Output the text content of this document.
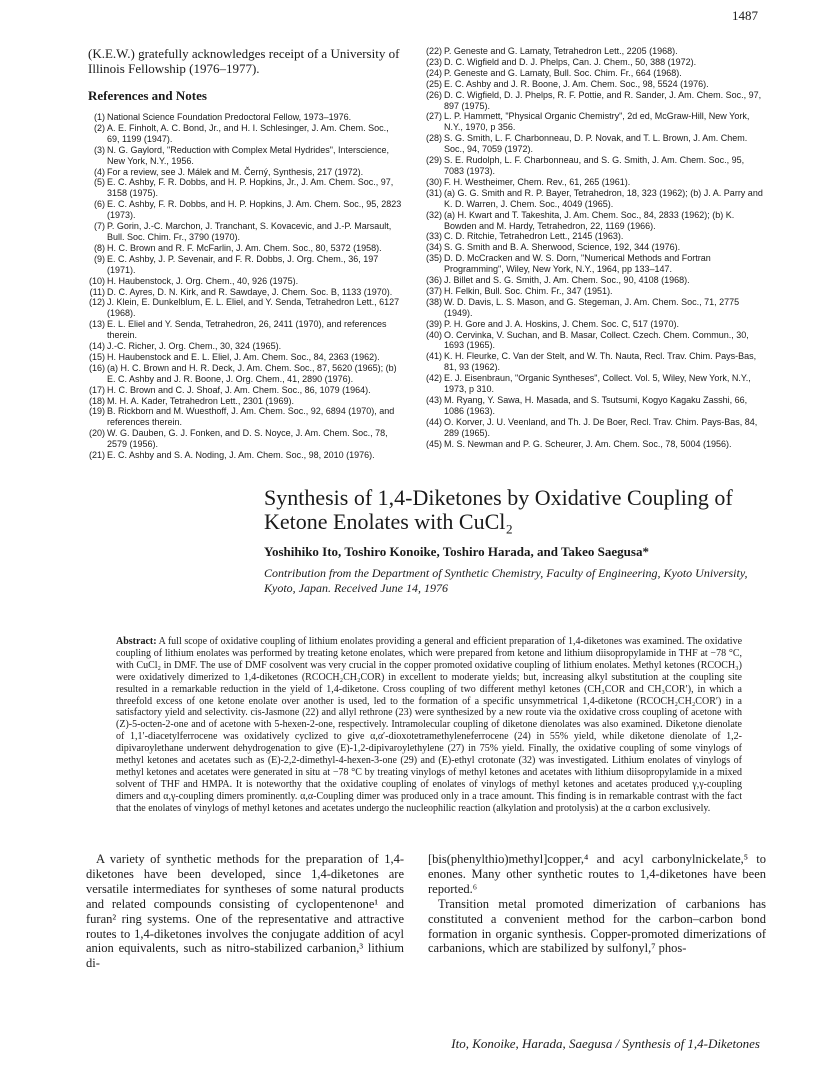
1487

(K.E.W.) gratefully acknowledges receipt of a University of Illinois Fellowship (1976–1977).

References and Notes
(1) National Science Foundation Predoctoral Fellow, 1973–1976.
(2) A. E. Finholt, A. C. Bond, Jr., and H. I. Schlesinger, J. Am. Chem. Soc., 69, 1199 (1947).
(3) N. G. Gaylord, "Reduction with Complex Metal Hydrides", Interscience, New York, N.Y., 1956.
(4) For a review, see J. Málek and M. Černý, Synthesis, 217 (1972).
(5) E. C. Ashby, F. R. Dobbs, and H. P. Hopkins, Jr., J. Am. Chem. Soc., 97, 3158 (1975).
(6) E. C. Ashby, F. R. Dobbs, and H. P. Hopkins, J. Am. Chem. Soc., 95, 2823 (1973).
(7) P. Gorin, J.-C. Marchon, J. Tranchant, S. Kovacevic, and J.-P. Marsault, Bull. Soc. Chim. Fr., 3790 (1970).
(8) H. C. Brown and R. F. McFarlin, J. Am. Chem. Soc., 80, 5372 (1958).
(9) E. C. Ashby, J. P. Sevenair, and F. R. Dobbs, J. Org. Chem., 36, 197 (1971).
(10) H. Haubenstock, J. Org. Chem., 40, 926 (1975).
(11) D. C. Ayres, D. N. Kirk, and R. Sawdaye, J. Chem. Soc. B, 1133 (1970).
(12) J. Klein, E. Dunkelblum, E. L. Eliel, and Y. Senda, Tetrahedron Lett., 6127 (1968).
(13) E. L. Eliel and Y. Senda, Tetrahedron, 26, 2411 (1970), and references therein.
(14) J.-C. Richer, J. Org. Chem., 30, 324 (1965).
(15) H. Haubenstock and E. L. Eliel, J. Am. Chem. Soc., 84, 2363 (1962).
(16) (a) H. C. Brown and H. R. Deck, J. Am. Chem. Soc., 87, 5620 (1965); (b) E. C. Ashby and J. R. Boone, J. Org. Chem., 41, 2890 (1976).
(17) H. C. Brown and C. J. Shoaf, J. Am. Chem. Soc., 86, 1079 (1964).
(18) M. H. A. Kader, Tetrahedron Lett., 2301 (1969).
(19) B. Rickborn and M. Wuesthoff, J. Am. Chem. Soc., 92, 6894 (1970), and references therein.
(20) W. G. Dauben, G. J. Fonken, and D. S. Noyce, J. Am. Chem. Soc., 78, 2579 (1956).
(21) E. C. Ashby and S. A. Noding, J. Am. Chem. Soc., 98, 2010 (1976).
(22) P. Geneste and G. Lamaty, Tetrahedron Lett., 2205 (1968).
(23) D. C. Wigfield and D. J. Phelps, Can. J. Chem., 50, 388 (1972).
(24) P. Geneste and G. Lamaty, Bull. Soc. Chim. Fr., 664 (1968).
(25) E. C. Ashby and J. R. Boone, J. Am. Chem. Soc., 98, 5524 (1976).
(26) D. C. Wigfield, D. J. Phelps, R. F. Pottie, and R. Sander, J. Am. Chem. Soc., 97, 897 (1975).
(27) L. P. Hammett, "Physical Organic Chemistry", 2d ed, McGraw-Hill, New York, N.Y., 1970, p 356.
(28) S. G. Smith, L. F. Charbonneau, D. P. Novak, and T. L. Brown, J. Am. Chem. Soc., 94, 7059 (1972).
(29) S. E. Rudolph, L. F. Charbonneau, and S. G. Smith, J. Am. Chem. Soc., 95, 7083 (1973).
(30) F. H. Westheimer, Chem. Rev., 61, 265 (1961).
(31) (a) G. G. Smith and R. P. Bayer, Tetrahedron, 18, 323 (1962); (b) J. A. Parry and K. D. Warren, J. Chem. Soc., 4049 (1965).
(32) (a) H. Kwart and T. Takeshita, J. Am. Chem. Soc., 84, 2833 (1962); (b) K. Bowden and M. Hardy, Tetrahedron, 22, 1169 (1966).
(33) C. D. Ritchie, Tetrahedron Lett., 2145 (1963).
(34) S. G. Smith and B. A. Sherwood, Science, 192, 344 (1976).
(35) D. D. McCracken and W. S. Dorn, "Numerical Methods and Fortran Programming", Wiley, New York, N.Y., 1964, pp 133–147.
(36) J. Billet and S. G. Smith, J. Am. Chem. Soc., 90, 4108 (1968).
(37) H. Felkin, Bull. Soc. Chim. Fr., 347 (1951).
(38) W. D. Davis, L. S. Mason, and G. Stegeman, J. Am. Chem. Soc., 71, 2775 (1949).
(39) P. H. Gore and J. A. Hoskins, J. Chem. Soc. C, 517 (1970).
(40) O. Cervinka, V. Suchan, and B. Masar, Collect. Czech. Chem. Commun., 30, 1693 (1965).
(41) K. H. Fleurke, C. Van der Stelt, and W. Th. Nauta, Recl. Trav. Chim. Pays-Bas, 81, 93 (1962).
(42) E. J. Eisenbraun, "Organic Syntheses", Collect. Vol. 5, Wiley, New York, N.Y., 1973, p 310.
(43) M. Ryang, Y. Sawa, H. Masada, and S. Tsutsumi, Kogyo Kagaku Zasshi, 66, 1086 (1963).
(44) O. Korver, J. U. Veenland, and Th. J. De Boer, Recl. Trav. Chim. Pays-Bas, 84, 289 (1965).
(45) M. S. Newman and P. G. Scheurer, J. Am. Chem. Soc., 78, 5004 (1956).
Synthesis of 1,4-Diketones by Oxidative Coupling of Ketone Enolates with CuCl₂
Yoshihiko Ito, Toshiro Konoike, Toshiro Harada, and Takeo Saegusa*
Contribution from the Department of Synthetic Chemistry, Faculty of Engineering, Kyoto University, Kyoto, Japan. Received June 14, 1976
Abstract: A full scope of oxidative coupling of lithium enolates providing a general and efficient preparation of 1,4-diketones was examined. The oxidative coupling of lithium enolates was performed by treating ketone enolates, which were prepared from ketone and lithium diisopropylamide in THF at −78 °C, with CuCl₂ in DMF. The use of DMF cosolvent was very crucial in the copper promoted oxidative coupling of lithium enolates. Methyl ketones (RCOCH₃) were oxidatively dimerized to 1,4-diketones (RCOCH₂CH₂COR) in excellent to moderate yields; but, increasing alkyl substitution at the coupling site resulted in a remarkable reduction in the yield of 1,4-diketone. Cross coupling of two different methyl ketones (CH₃COR and CH₃COR′), in which a threefold excess of one ketone enolate over another is used, led to the formation of a specific unsymmetrical 1,4-diketone (RCOCH₂CH₂COR′) in a satisfactory yield and selectivity. cis-Jasmone (22) and allyl rethrone (23) were synthesized by a new route via the oxidative cross coupling of acetone with (Z)-5-octen-2-one and of acetone with 5-hexen-2-one, respectively. Intramolecular coupling of diketone dienolates was also examined. Diketone dienolate of 1,1′-diacetylferrocene was oxidatively cyclized to give α,α′-dioxotetramethyleneferrocene (24) in 55% yield, while diketone dienolate of 1,2-dipivaroylethane underwent dehydrogenation to give (E)-1,2-dipivaroylethylene (27) in 75% yield. Finally, the oxidative coupling of some vinylogs of methyl ketones and acetates such as (E)-2,2-dimethyl-4-hexen-3-one (29) and (E)-ethyl crotonate (32) was investigated. Lithium enolates of vinylogs of methyl ketones and acetates were generated in situ at −78 °C by treating vinylogs of methyl ketones and acetates with lithium diisopropylamide in a mixed solvent of THF and HMPA. It is noteworthy that the oxidative coupling of enolates of vinylogs of methyl ketones and acetates produced γ,γ-coupling dimers and α,γ-coupling dimers prominently. α,α-Coupling dimer was produced only in a trace amount. This finding is in remarkable contrast with the fact that the enolates of vinylogs of methyl ketones and acetates undergo the nucleophilic reaction (alkylation and protolysis) at the α carbon exclusively.
A variety of synthetic methods for the preparation of 1,4-diketones have been developed, since 1,4-diketones are versatile intermediates for syntheses of some natural products and related compounds consisting of cyclopentenone¹ and furan² ring systems. One of the representative and attractive routes to 1,4-diketones involves the conjugate addition of acyl anion equivalents, such as nitro-stabilized carbanion,³ lithium di-

[bis(phenylthio)methyl]copper,⁴ and acyl carbonylnickelate,⁵ to enones. Many other synthetic routes to 1,4-diketones have been reported.⁶

Transition metal promoted dimerization of carbanions has constituted a convenient method for the carbon–carbon bond formation in organic synthesis. Copper-promoted dimerizations of carbanions, which are stabilized by sulfonyl,⁷ phos-

Ito, Konoike, Harada, Saegusa / Synthesis of 1,4-Diketones
